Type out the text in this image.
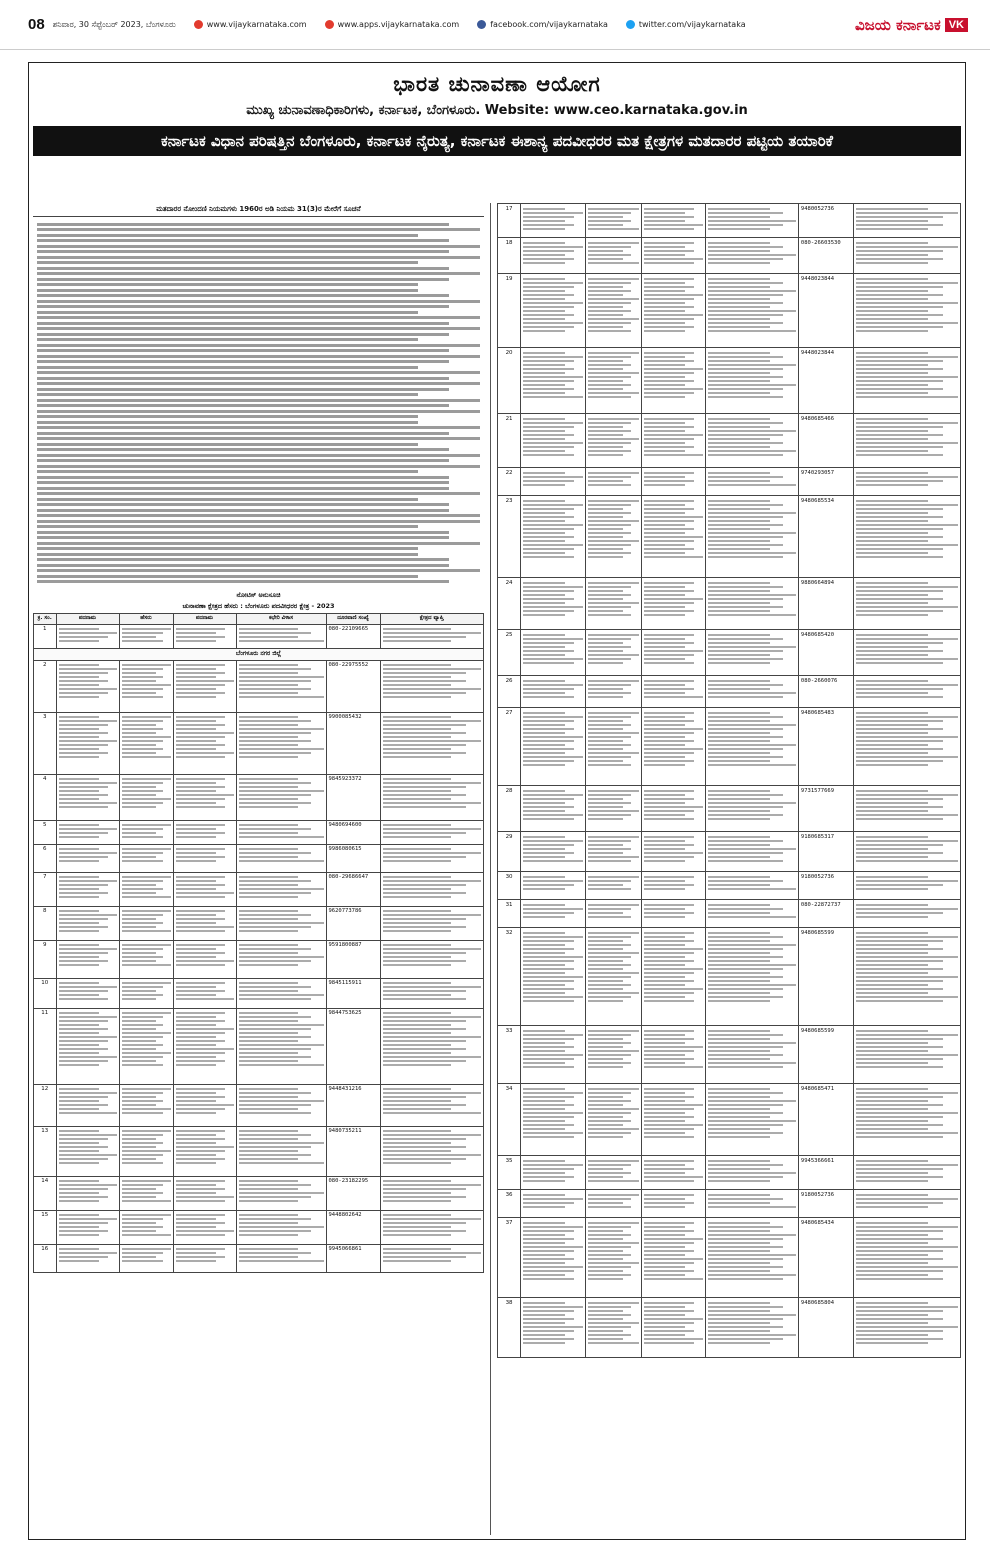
08 ಶನಿವಾರ, 30 ಸೆಪ್ಟೆಂಬರ್ 2023, ಬೆಂಗಳೂರು	www.vijaykarnataka.com	www.apps.vijaykarnataka.com	facebook.com/vijaykarnataka	twitter.com/vijaykarnataka	ವಿಜಯ ಕರ್ನಾಟಕ VK
ಭಾರತ ಚುನಾವಣಾ ಆಯೋಗ
ಮುಖ್ಯ ಚುನಾವಣಾಧಿಕಾರಿಗಳು, ಕರ್ನಾಟಕ, ಬೆಂಗಳೂರು. Website: www.ceo.karnataka.gov.in
ಕರ್ನಾಟಕ ವಿಧಾನ ಪರಿಷತ್ತಿನ ಬೆಂಗಳೂರು, ಕರ್ನಾಟಕ ನೈರುತ್ಯ, ಕರ್ನಾಟಕ ಈಶಾನ್ಯ ಪದವೀಧರರ ಮತ ಕ್ಷೇತ್ರಗಳ ಮತದಾರರ ಪಟ್ಟಿಯ ತಯಾರಿಕೆ
ಮತದಾರರ ನೋಂದಣಿ ನಿಯಮಗಳು 1960ರ ಅಡಿ ನಿಯಮ 31(3)ರ ಮೇರೆಗೆ ಸೂಚನೆ
ನೋಟಿಸ್ ಅನುಸೂಚಿ
ಚುನಾವಣಾ ಕ್ಷೇತ್ರದ ಹೆಸರು : ಬೆಂಗಳೂರು ಪದವೀಧರರ ಕ್ಷೇತ್ರ - 2023
ಕ್ರ. ಸಂ.	ಪದನಾಮ	ಹೆಸರು	ಪದನಾಮ	ಕಛೇರಿ ವಿಳಾಸ	ದೂರವಾಣಿ ಸಂಖ್ಯೆ	ಕ್ಷೇತ್ರದ ವ್ಯಾಪ್ತಿ
1					080-22109665	

ಬೆಂಗಳೂರು ನಗರ ಜಿಲ್ಲೆ						
2					080-22975552	

3					9900085432	

4					9845923372	

5					9480694600	

6					9986080615	

7					080-29686647	

8					9620773786	

9					9591800887	

10					9845115911	

11					9844753625	

12					9448431216	

13					9480735211	

14					080-23182295	

15					9448802642	

16					9945066861	
17					9480052736	

18					080-26603530	

19					9448023844	

20					9448023844	

21					9480685466	

22					9740293057	

23					9480685534	

24					9880664894	

25					9480685420	

26					080-2660076	

27					9480685483	

28					9731577669	

29					9180685317	

30					9180052736	

31					080-22872737	

32					9480685599	

33					9480685599	

34					9480685471	

35					9945366661	

36					9180052736	

37					9480685434	

38					9480685804	
